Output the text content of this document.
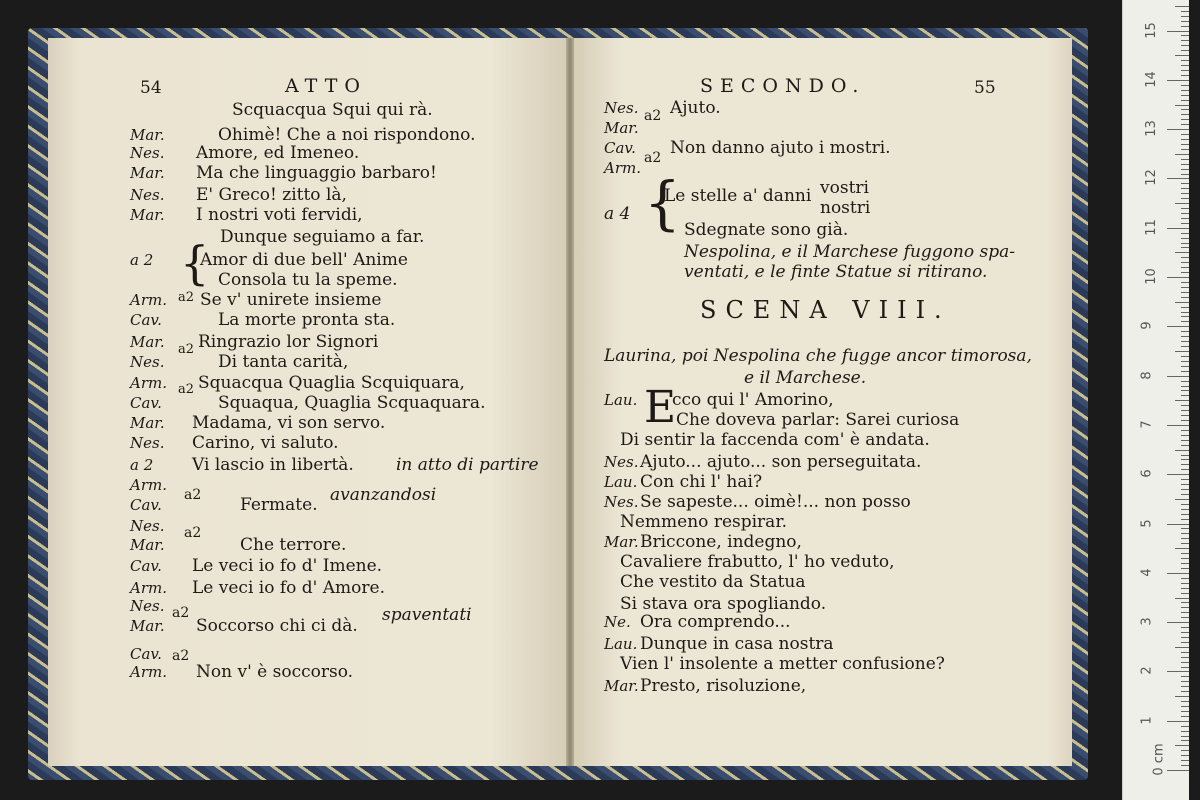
54	ATTO
Scquacqua Squi qui rà.
Mar.	Ohimè! Che a noi rispondono.
Nes. Amore, ed Imeneo.
Mar. Ma che linguaggio barbaro!
Nes. E' Greco! zitto là,
Mar. I nostri voti fervidi,
Dunque seguiamo a far.
a 2	Amor di due bell' Anime
Consola tu la speme.
Arm. Se v' unirete insieme
Cav.	La morte pronta sta.
Mar. Ringrazio lor Signori
Nes.	Di tanta carità,
Arm. Squacqua Quaglia Scquiquara,
Cav.	Squaqua, Quaglia Scquaquara.
Mar. Madama, vi son servo.
Nes. Carino, vi saluto.
a 2 Vi lascio in libertà.
Arm.
Cav.	Fermate.
Nes.
Mar.	Che terrore.
Cav. Le veci io fo d' Imene.
Arm. Le veci io fo d' Amore.
Nes.
Mar. Soccorso chi ci dà.
Cav.
Arm. Non v' è soccorso.
a2
a2
a2
a2
a2
a2
a2
{
in atto di partire
avanzandosi
spaventati
SECONDO.	55
Nes. Ajuto.
Mar.
Cav. Non danno ajuto i mostri.
Arm.
a2
a2
a 4 {
Le stelle a' danni vostri
nostri
Sdegnate sono già.
Nespolina, e il Marchese fuggono spa-
ventati, e le finte Statue si ritirano.
SCENA VIII.
Laurina, poi Nespolina che fugge ancor timorosa,
e il Marchese.
E
Lau. cco qui l' Amorino,
Che doveva parlar: Sarei curiosa
Di sentir la faccenda com' è andata.
Nes. Ajuto... ajuto... son perseguitata.
Lau. Con chi l' hai?
Nes. Se sapeste... oimè!... non posso
Nemmeno respirar.
Mar. Briccone, indegno,
Cavaliere frabutto, l' ho veduto,
Che vestito da Statua
Si stava ora spogliando.
Ne. Ora comprendo...
Lau. Dunque in casa nostra
Vien l' insolente a metter confusione?
Mar. Presto, risoluzione,
0 cm
1
2
3
4
5
6
7
8
9
10
11
12
13
14
15
